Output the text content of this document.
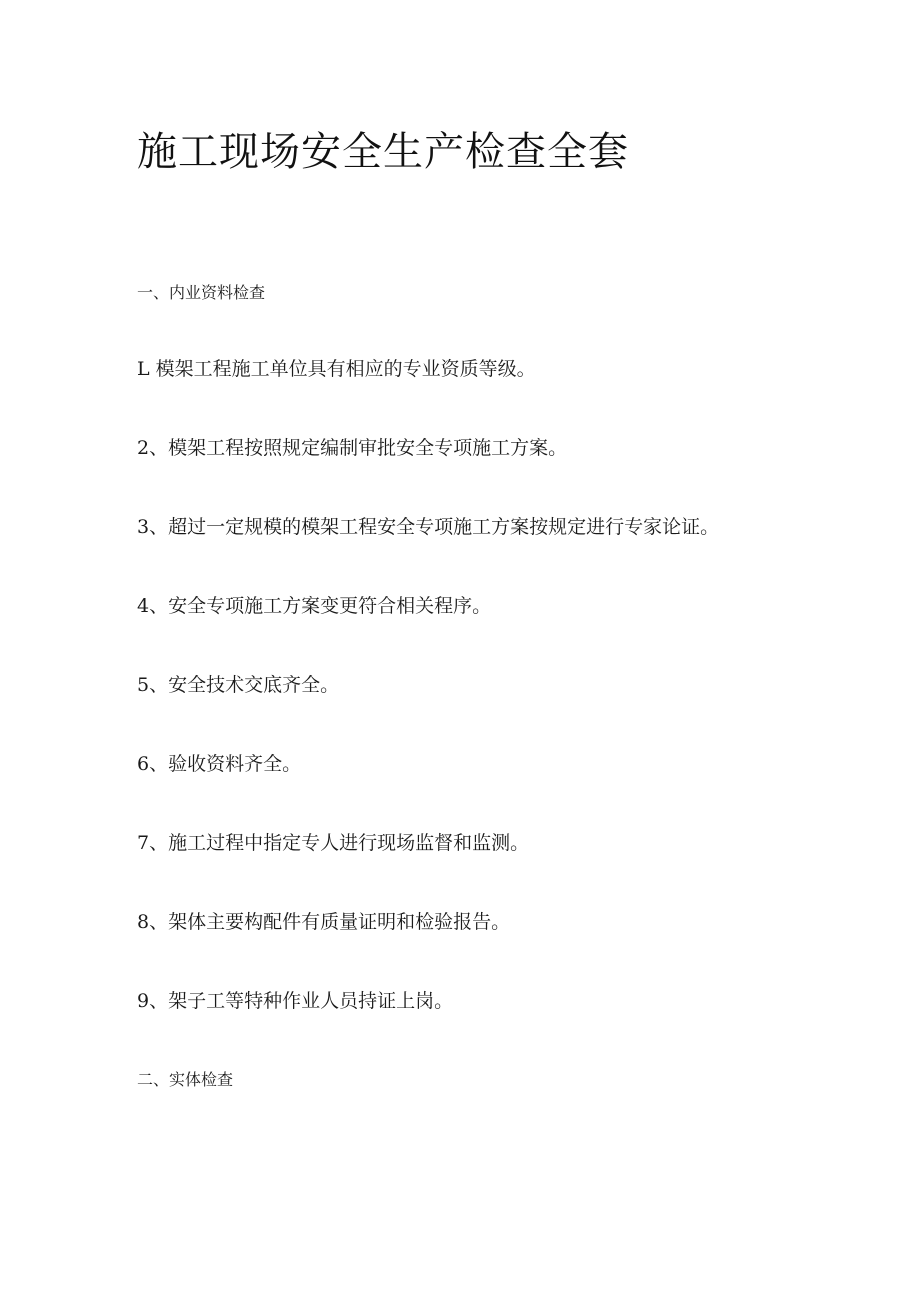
施工现场安全生产检查全套
一、内业资料检查
L 模架工程施工单位具有相应的专业资质等级。
2、模架工程按照规定编制审批安全专项施工方案。
3、超过一定规模的模架工程安全专项施工方案按规定进行专家论证。
4、安全专项施工方案变更符合相关程序。
5、安全技术交底齐全。
6、验收资料齐全。
7、施工过程中指定专人进行现场监督和监测。
8、架体主要构配件有质量证明和检验报告。
9、架子工等特种作业人员持证上岗。
二、实体检查
